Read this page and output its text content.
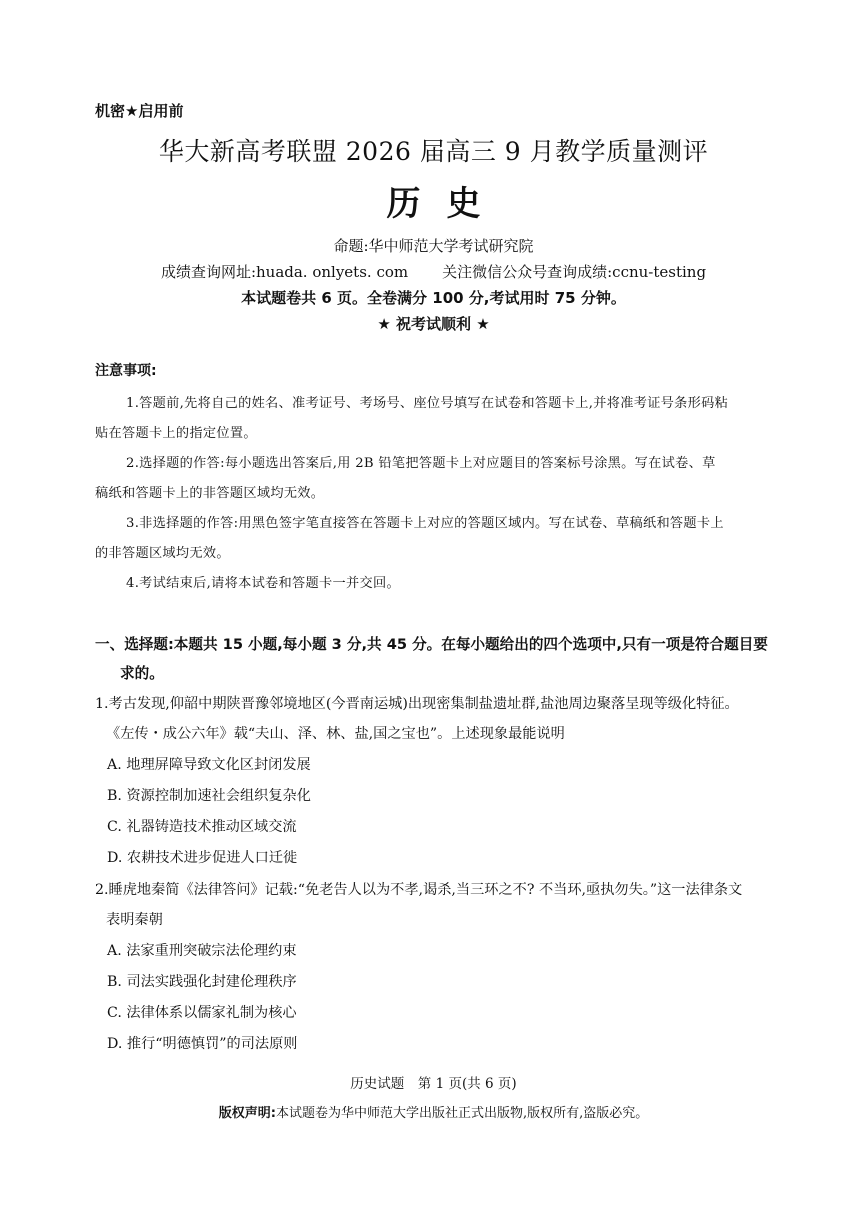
机密★启用前
华大新高考联盟 2026 届高三 9 月教学质量测评
历史
命题:华中师范大学考试研究院
成绩查询网址:huada. onlyets. com 关注微信公众号查询成绩:ccnu-testing
本试题卷共 6 页。全卷满分 100 分,考试用时 75 分钟。
★ 祝考试顺利 ★
注意事项:
1.答题前,先将自己的姓名、准考证号、考场号、座位号填写在试卷和答题卡上,并将准考证号条形码粘
贴在答题卡上的指定位置。
2.选择题的作答:每小题选出答案后,用 2B 铅笔把答题卡上对应题目的答案标号涂黑。写在试卷、草
稿纸和答题卡上的非答题区域均无效。
3.非选择题的作答:用黑色签字笔直接答在答题卡上对应的答题区域内。写在试卷、草稿纸和答题卡上
的非答题区域均无效。
4.考试结束后,请将本试卷和答题卡一并交回。
一、选择题:本题共 15 小题,每小题 3 分,共 45 分。在每小题给出的四个选项中,只有一项是符合题目要
求的。
1.考古发现,仰韶中期陕晋豫邻境地区(今晋南运城)出现密集制盐遗址群,盐池周边聚落呈现等级化特征。
《左传・成公六年》载“夫山、泽、林、盐,国之宝也”。上述现象最能说明
A. 地理屏障导致文化区封闭发展
B. 资源控制加速社会组织复杂化
C. 礼器铸造技术推动区域交流
D. 农耕技术进步促进人口迁徙
2.睡虎地秦简《法律答问》记载:“免老告人以为不孝,谒杀,当三环之不? 不当环,亟执勿失。”这一法律条文
表明秦朝
A. 法家重刑突破宗法伦理约束
B. 司法实践强化封建伦理秩序
C. 法律体系以儒家礼制为核心
D. 推行“明德慎罚”的司法原则
历史试题　第 1 页(共 6 页)
版权声明:本试题卷为华中师范大学出版社正式出版物,版权所有,盗版必究。
